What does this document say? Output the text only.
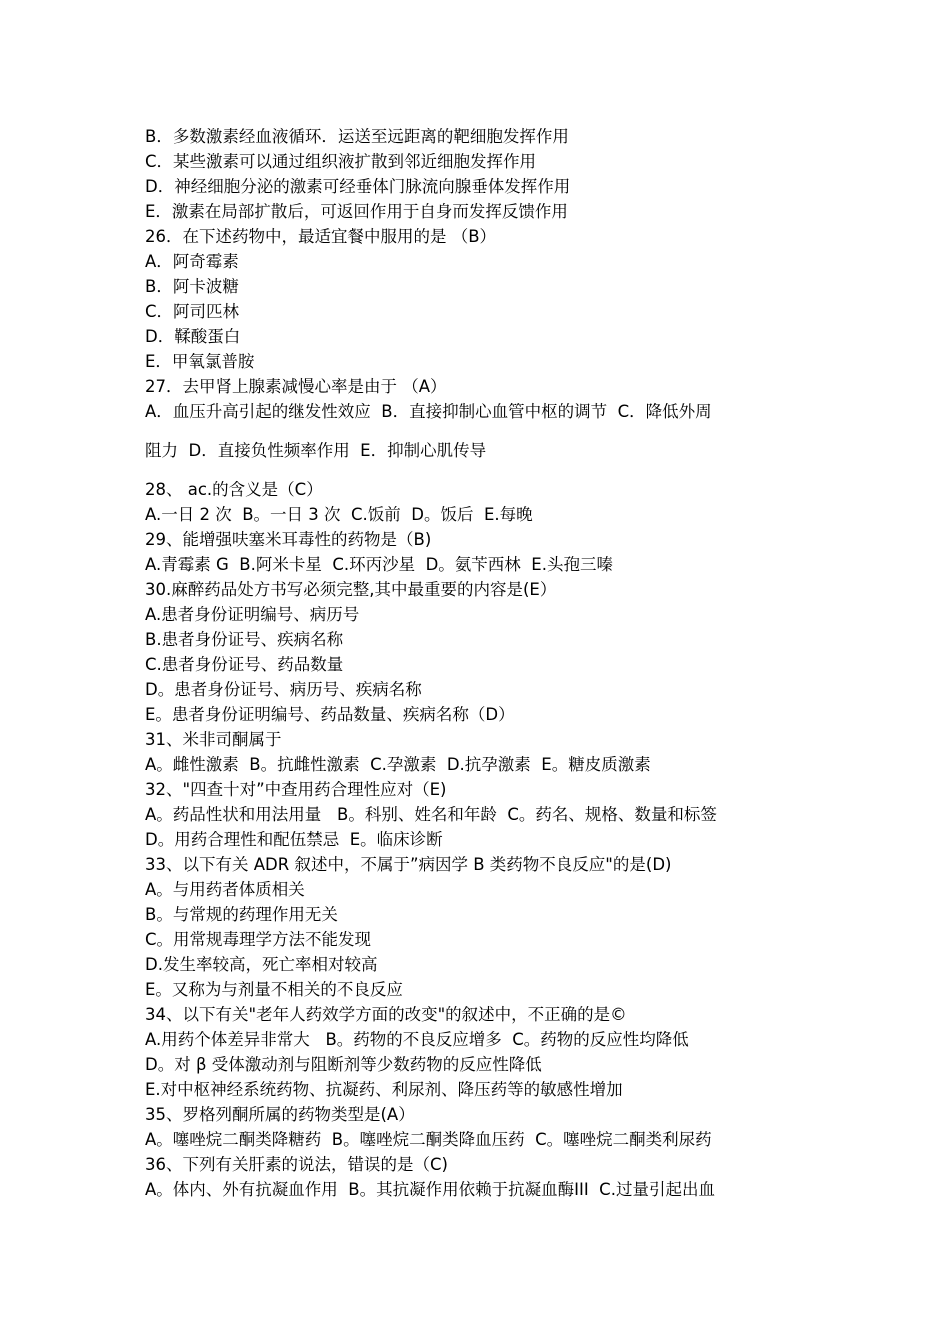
B．多数激素经血液循环．运送至远距离的靶细胞发挥作用
C．某些激素可以通过组织液扩散到邻近细胞发挥作用
D．神经细胞分泌的激素可经垂体门脉流向腺垂体发挥作用
E．激素在局部扩散后，可返回作用于自身而发挥反馈作用
26．在下述药物中，最适宜餐中服用的是 （B）
A．阿奇霉素
B．阿卡波糖
C．阿司匹林
D．鞣酸蛋白
E．甲氧氯普胺
27．去甲肾上腺素减慢心率是由于 （A）
A．血压升高引起的继发性效应  B．直接抑制心血管中枢的调节  C．降低外周
阻力  D．直接负性频率作用  E．抑制心肌传导
28、 ac.的含义是（C）
A.一日 2 次  B。一日 3 次  C.饭前  D。饭后  E.每晚
29、能增强呋塞米耳毒性的药物是（B)
A.青霉素 G  B.阿米卡星  C.环丙沙星  D。氨苄西林  E.头孢三嗪
30.麻醉药品处方书写必须完整,其中最重要的内容是(E）
A.患者身份证明编号、病历号
B.患者身份证号、疾病名称
C.患者身份证号、药品数量
D。患者身份证号、病历号、疾病名称
E。患者身份证明编号、药品数量、疾病名称（D）
31、米非司酮属于
A。雌性激素  B。抗雌性激素  C.孕激素  D.抗孕激素  E。糖皮质激素
32、"四查十对”中查用药合理性应对（E)
A。药品性状和用法用量   B。科别、姓名和年龄  C。药名、规格、数量和标签
D。用药合理性和配伍禁忌  E。临床诊断
33、以下有关 ADR 叙述中，不属于”病因学 B 类药物不良反应"的是(D)
A。与用药者体质相关
B。与常规的药理作用无关
C。用常规毒理学方法不能发现
D.发生率较高，死亡率相对较高
E。又称为与剂量不相关的不良反应
34、以下有关"老年人药效学方面的改变"的叙述中，不正确的是©
A.用药个体差异非常大   B。药物的不良反应增多  C。药物的反应性均降低
D。对 β 受体激动剂与阻断剂等少数药物的反应性降低
E.对中枢神经系统药物、抗凝药、利尿剂、降压药等的敏感性增加
35、罗格列酮所属的药物类型是(A）
A。噻唑烷二酮类降糖药  B。噻唑烷二酮类降血压药  C。噻唑烷二酮类利尿药
36、下列有关肝素的说法，错误的是（C)
A。体内、外有抗凝血作用  B。其抗凝作用依赖于抗凝血酶III  C.过量引起出血
